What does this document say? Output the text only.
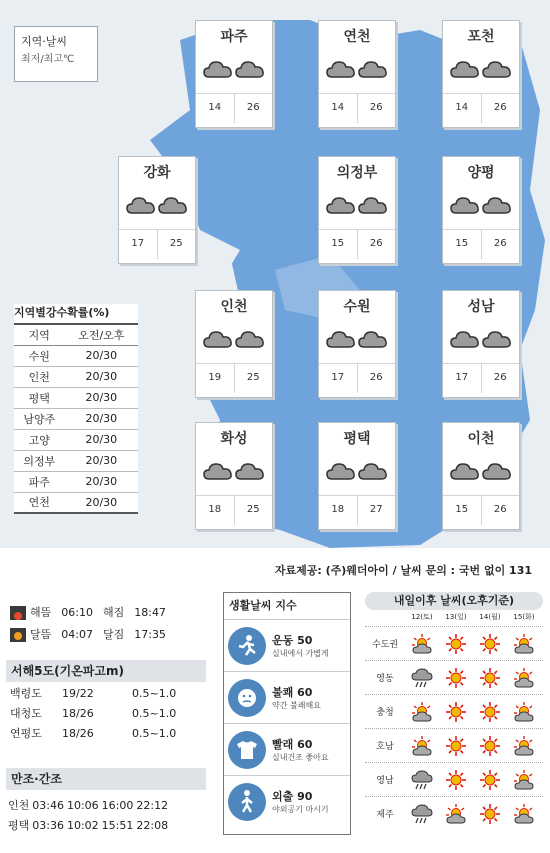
지역·날씨
최저/최고℃
파주
14	26
연천
14	26
포천
14	26
강화
17	25
의정부
15	26
양평
15	26
인천
19	25
수원
17	26
성남
17	26
화성
18	25
평택
18	27
이천
15	26
지역별강수확률(%)
지역	오전/오후
수원	20/30
인천	20/30
평택	20/30
남양주	20/30
고양	20/30
의정부	20/30
파주	20/30
연천	20/30
자료제공: (주)웨더아이 / 날씨 문의 : 국번 없이 131
해뜸 06:10 해짐 18:47
달뜸 04:07 달짐 17:35
서해5도(기온파고m)
백령도	19/22	0.5~1.0
대청도	18/26	0.5~1.0
연평도	18/26	0.5~1.0
만조·간조
인천 03:46 10:06 16:00 22:12
평택 03:36 10:02 15:51 22:08
생활날씨 지수
운동 50
실내에서 가볍게
불쾌 60
약간 불쾌해요
빨래 60
실내건조 좋아요
외출 90
야외공기 마시기
내일이후 날씨(오후기준)
12(토)	13(일)	14(월)	15(화)
수도권
영동
충청
호남
영남
제주
